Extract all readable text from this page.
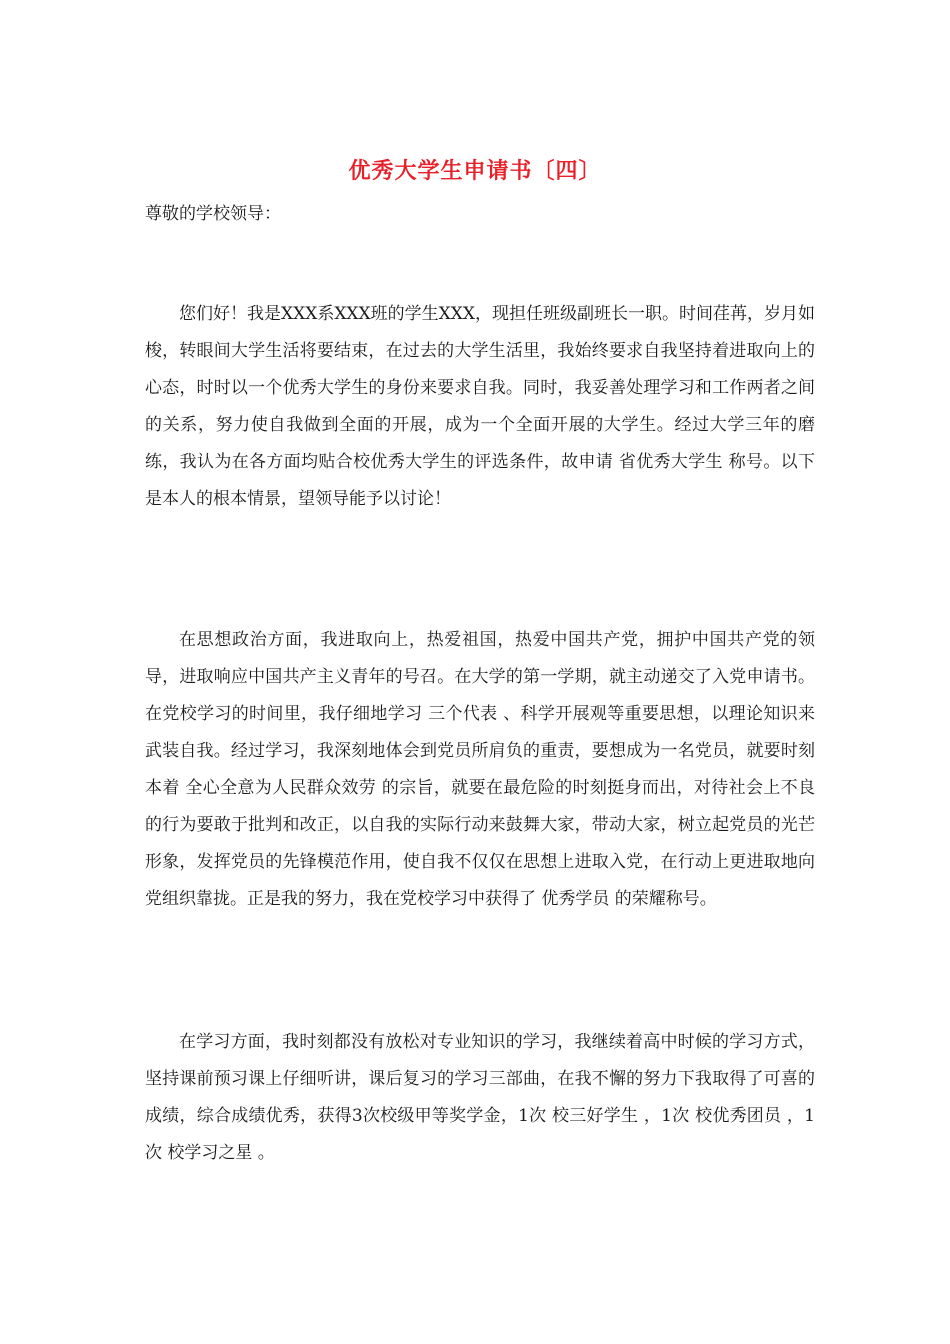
优秀大学生申请书〔四〕
尊敬的学校领导：

您们好！我是XXX系XXX班的学生XXX，现担任班级副班长一职。时间荏苒，岁月如梭，转眼间大学生活将要结束，在过去的大学生活里，我始终要求自我坚持着进取向上的心态，时时以一个优秀大学生的身份来要求自我。同时，我妥善处理学习和工作两者之间的关系，努力使自我做到全面的开展，成为一个全面开展的大学生。经过大学三年的磨练，我认为在各方面均贴合校优秀大学生的评选条件，故申请 省优秀大学生 称号。以下是本人的根本情景，望领导能予以讨论！

在思想政治方面，我进取向上，热爱祖国，热爱中国共产党，拥护中国共产党的领导，进取响应中国共产主义青年的号召。在大学的第一学期，就主动递交了入党申请书。在党校学习的时间里，我仔细地学习 三个代表 、科学开展观等重要思想，以理论知识来武装自我。经过学习，我深刻地体会到党员所肩负的重责，要想成为一名党员，就要时刻本着 全心全意为人民群众效劳 的宗旨，就要在最危险的时刻挺身而出，对待社会上不良的行为要敢于批判和改正，以自我的实际行动来鼓舞大家，带动大家，树立起党员的光芒形象，发挥党员的先锋模范作用，使自我不仅仅在思想上进取入党，在行动上更进取地向党组织靠拢。正是我的努力，我在党校学习中获得了 优秀学员 的荣耀称号。

在学习方面，我时刻都没有放松对专业知识的学习，我继续着高中时候的学习方式，坚持课前预习课上仔细听讲，课后复习的学习三部曲，在我不懈的努力下我取得了可喜的成绩，综合成绩优秀，获得3次校级甲等奖学金，1次 校三好学生 ，1次 校优秀团员 ，1次 校学习之星 。
